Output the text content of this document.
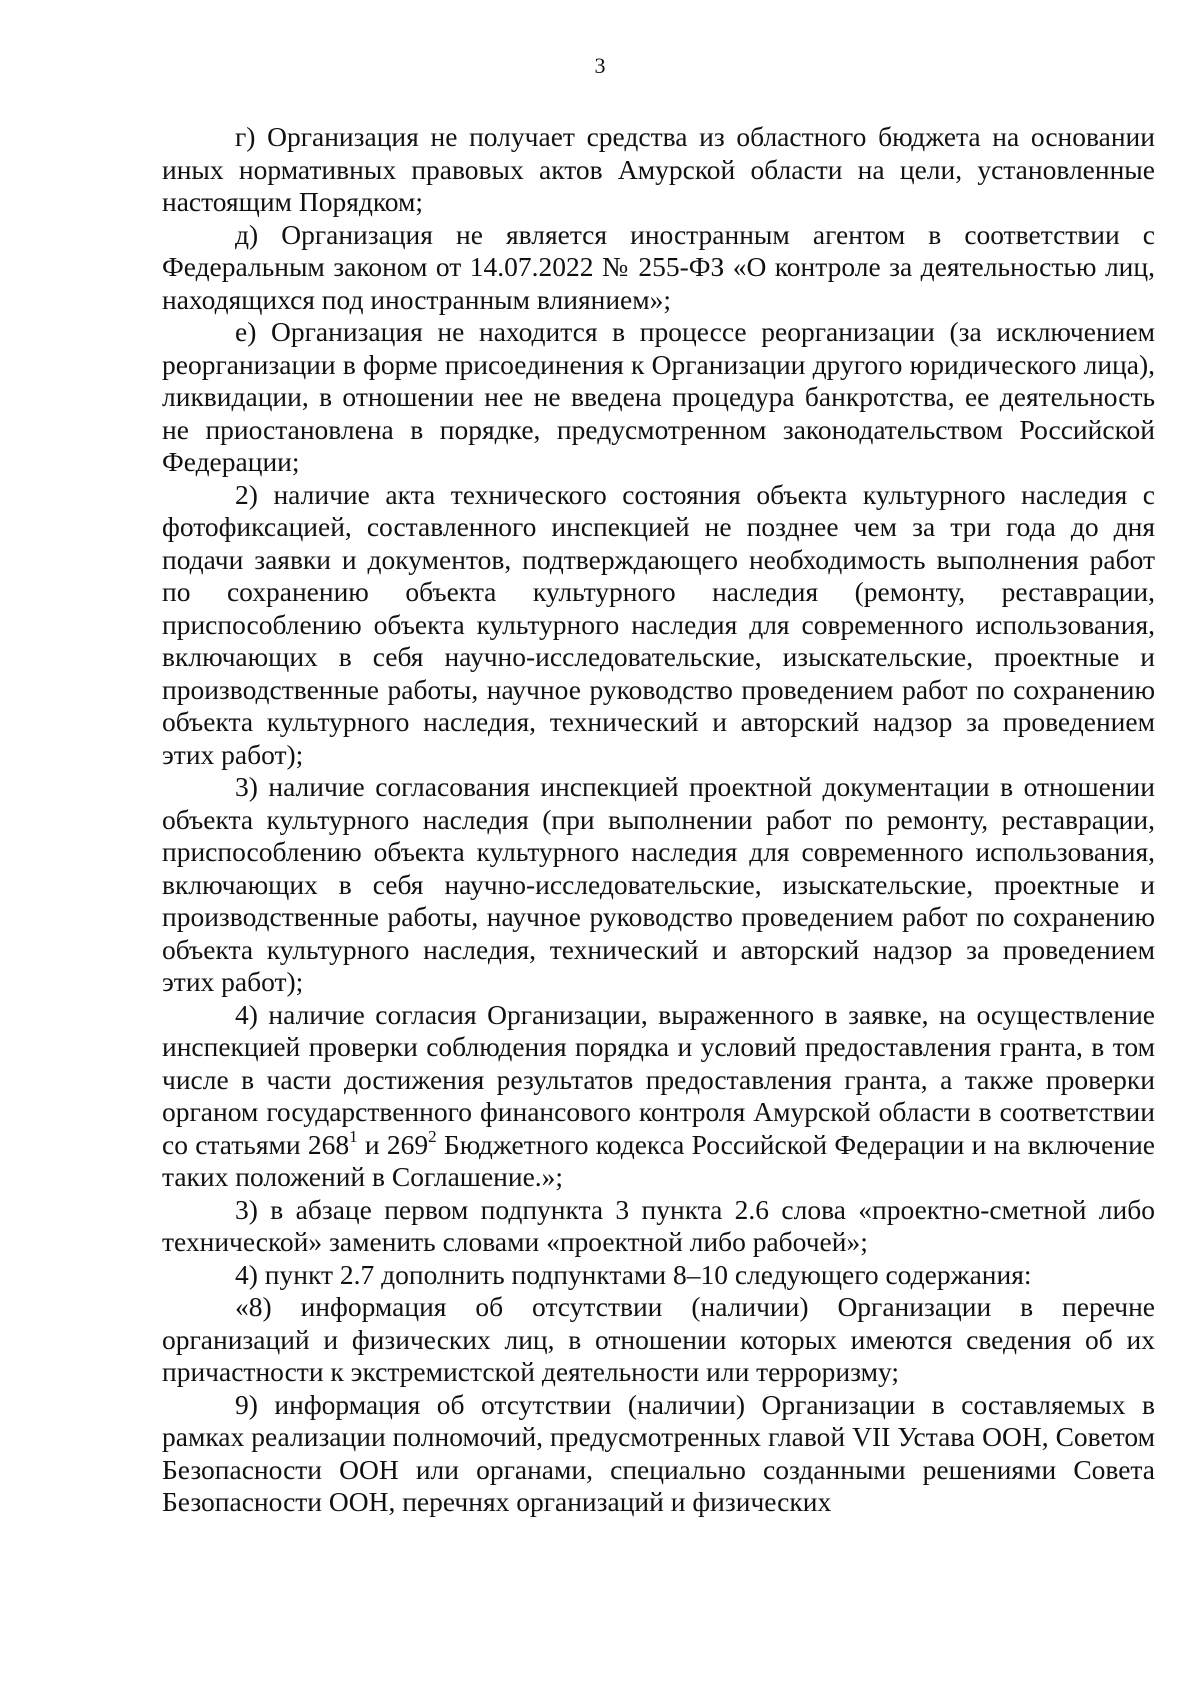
3

г) Организация не получает средства из областного бюджета на основании иных нормативных правовых актов Амурской области на цели, установленные настоящим Порядком;

д) Организация не является иностранным агентом в соответствии с Федеральным законом от 14.07.2022 № 255-ФЗ «О контроле за деятельностью лиц, находящихся под иностранным влиянием»;

е) Организация не находится в процессе реорганизации (за исключением реорганизации в форме присоединения к Организации другого юридического лица), ликвидации, в отношении нее не введена процедура банкротства, ее деятельность не приостановлена в порядке, предусмотренном законодательством Российской Федерации;

2) наличие акта технического состояния объекта культурного наследия с фотофиксацией, составленного инспекцией не позднее чем за три года до дня подачи заявки и документов, подтверждающего необходимость выполнения работ по сохранению объекта культурного наследия (ремонту, реставрации, приспособлению объекта культурного наследия для современного использования, включающих в себя научно-исследовательские, изыскательские, проектные и производственные работы, научное руководство проведением работ по сохранению объекта культурного наследия, технический и авторский надзор за проведением этих работ);

3) наличие согласования инспекцией проектной документации в отношении объекта культурного наследия (при выполнении работ по ремонту, реставрации, приспособлению объекта культурного наследия для современного использования, включающих в себя научно-исследовательские, изыскательские, проектные и производственные работы, научное руководство проведением работ по сохранению объекта культурного наследия, технический и авторский надзор за проведением этих работ);

4) наличие согласия Организации, выраженного в заявке, на осуществление инспекцией проверки соблюдения порядка и условий предоставления гранта, в том числе в части достижения результатов предоставления гранта, а также проверки органом государственного финансового контроля Амурской области в соответствии со статьями $268^1$ и $269^2$ Бюджетного кодекса Российской Федерации и на включение таких положений в Соглашение.»;

3) в абзаце первом подпункта 3 пункта 2.6 слова «проектно-сметной либо технической» заменить словами «проектной либо рабочей»;

4) пункт 2.7 дополнить подпунктами 8–10 следующего содержания:

«8) информация об отсутствии (наличии) Организации в перечне организаций и физических лиц, в отношении которых имеются сведения об их причастности к экстремистской деятельности или терроризму;

9) информация об отсутствии (наличии) Организации в составляемых в рамках реализации полномочий, предусмотренных главой VII Устава ООН, Советом Безопасности ООН или органами, специально созданными решениями Совета Безопасности ООН, перечнях организаций и физических
